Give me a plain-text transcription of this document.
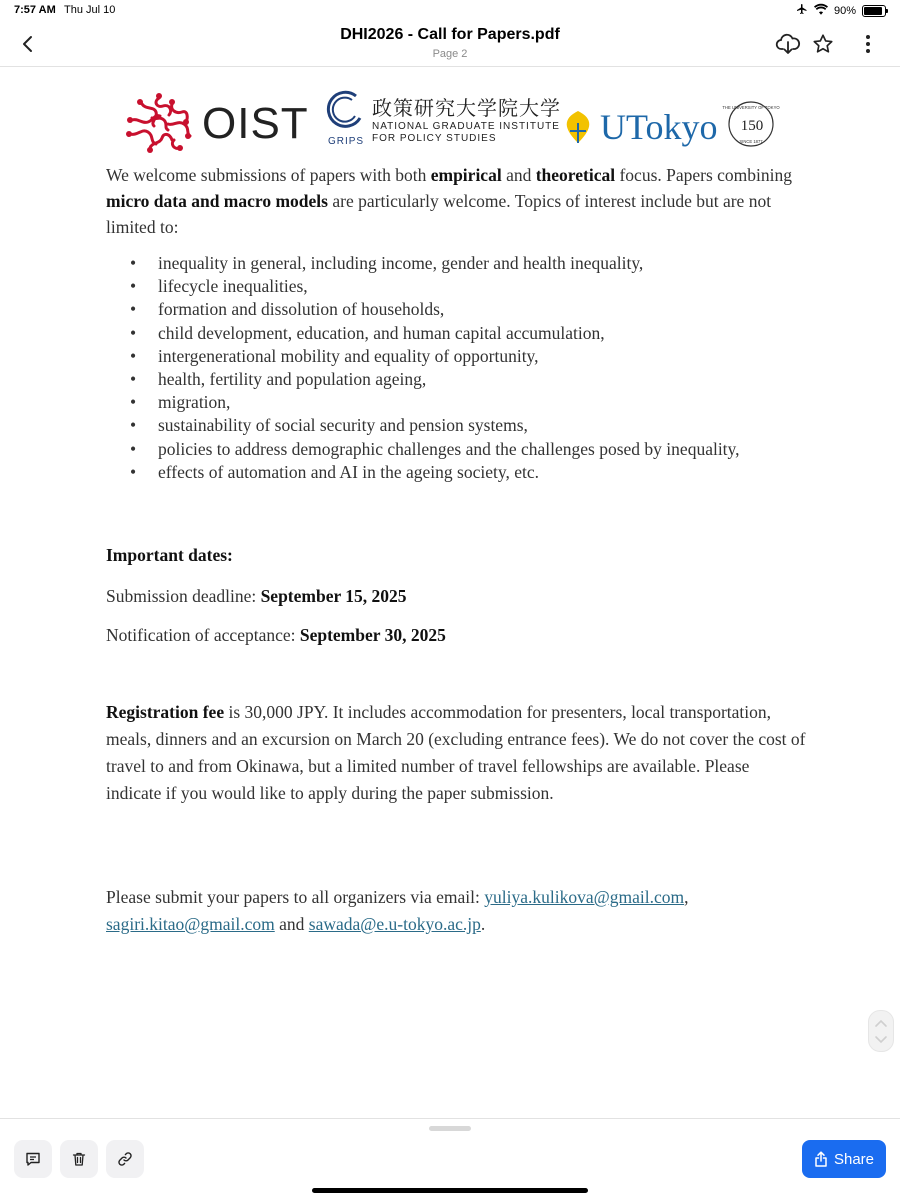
7:57 AM Thu Jul 10	90%
DHI2026 - Call for Papers.pdf
Page 2
OIST GRIPS
政策研究大学院大学
NATIONAL GRADUATE INSTITUTE
FOR POLICY STUDIES	UTokyo THE UNIVERSITY OF TOKYO
150
SINCE 1877
We welcome submissions of papers with both empirical and theoretical focus. Papers combining micro data and macro models are particularly welcome. Topics of interest include but are not limited to:
• inequality in general, including income, gender and health inequality,
• lifecycle inequalities,
• formation and dissolution of households,
• child development, education, and human capital accumulation,
• intergenerational mobility and equality of opportunity,
• health, fertility and population ageing,
• migration,
• sustainability of social security and pension systems,
• policies to address demographic challenges and the challenges posed by inequality,
• effects of automation and AI in the ageing society, etc.
Important dates:
Submission deadline: September 15, 2025
Notification of acceptance: September 30, 2025
Registration fee is 30,000 JPY. It includes accommodation for presenters, local transportation, meals, dinners and an excursion on March 20 (excluding entrance fees). We do not cover the cost of travel to and from Okinawa, but a limited number of travel fellowships are available. Please indicate if you would like to apply during the paper submission.
Please submit your papers to all organizers via email: yuliya.kulikova@gmail.com, sagiri.kitao@gmail.com and sawada@e.u-tokyo.ac.jp.
Share
